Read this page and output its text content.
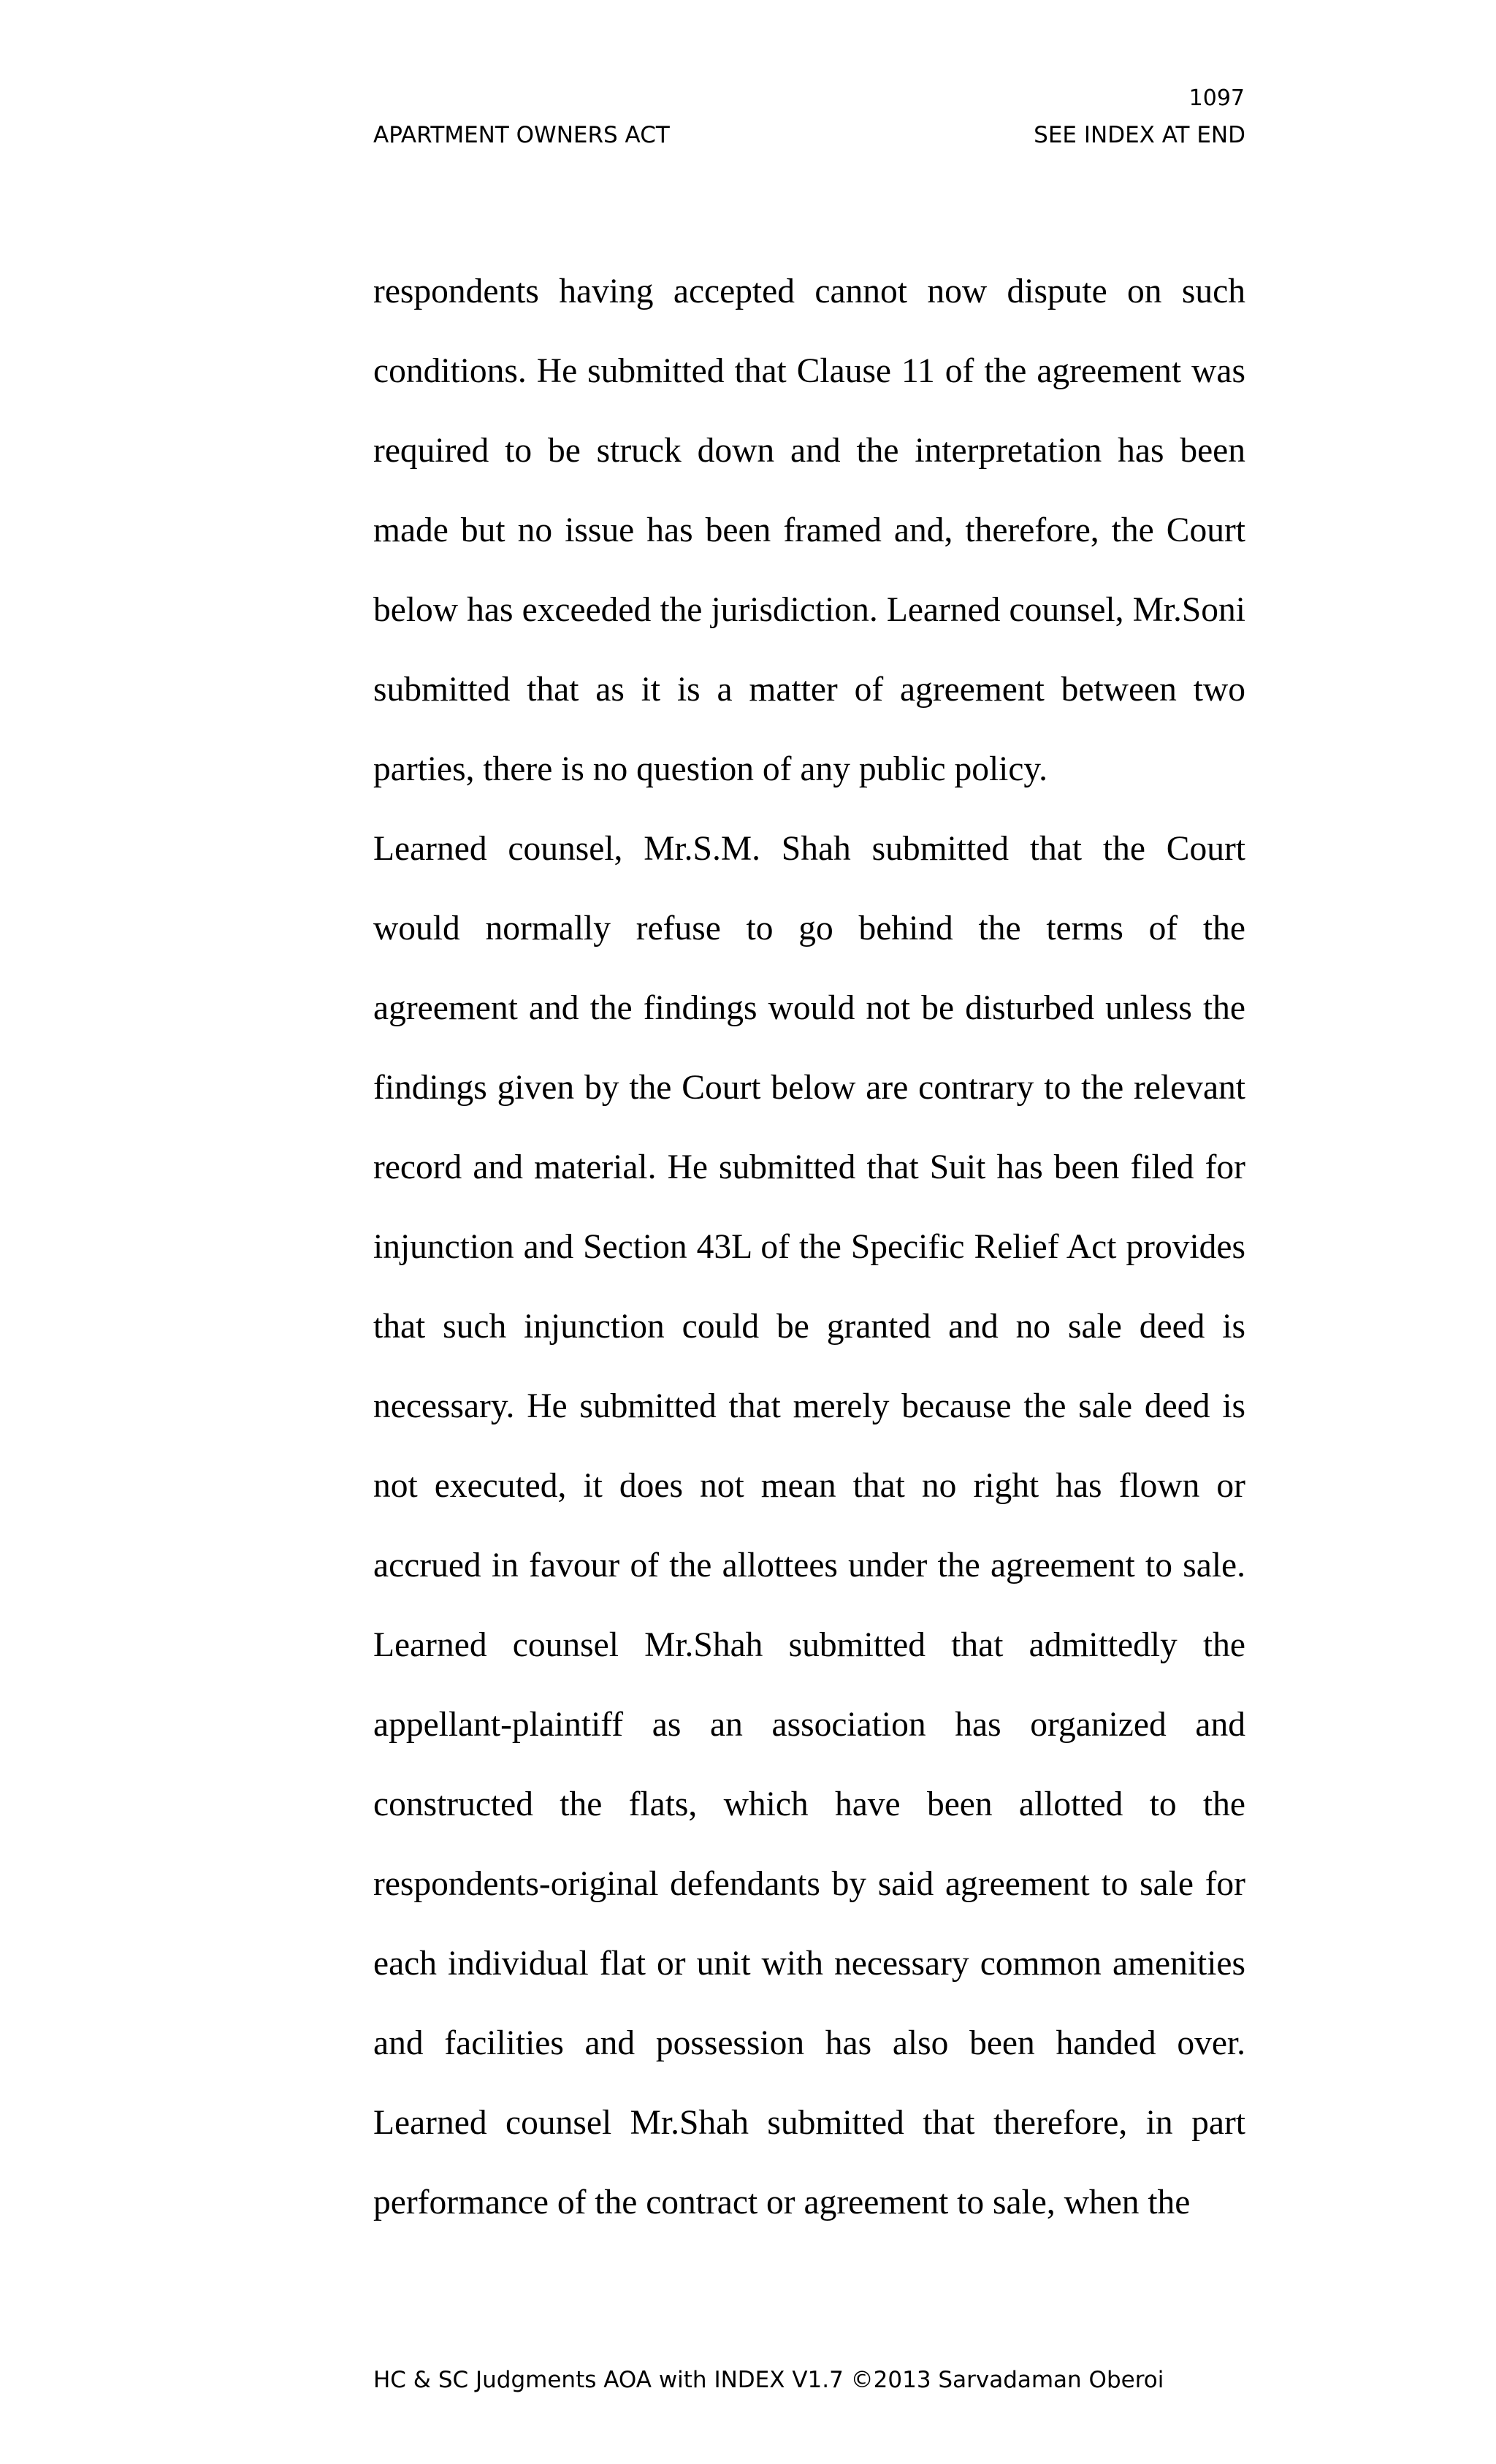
1097
APARTMENT OWNERS ACT	SEE INDEX AT END

respondents having accepted cannot now dispute on such conditions. He submitted that Clause 11 of the agreement was required to be struck down and the interpretation has been made but no issue has been framed and, therefore, the Court below has exceeded the jurisdiction. Learned counsel, Mr.Soni submitted that as it is a matter of agreement between two parties, there is no question of any public policy.

Learned counsel, Mr.S.M. Shah submitted that the Court would normally refuse to go behind the terms of the agreement and the findings would not be disturbed unless the findings given by the Court below are contrary to the relevant record and material. He submitted that Suit has been filed for injunction and Section 43L of the Specific Relief Act provides that such injunction could be granted and no sale deed is necessary. He submitted that merely because the sale deed is not executed, it does not mean that no right has flown or accrued in favour of the allottees under the agreement to sale. Learned counsel Mr.Shah submitted that admittedly the appellant-plaintiff as an association has organized and constructed the flats, which have been allotted to the respondents-original defendants by said agreement to sale for each individual flat or unit with necessary common amenities and facilities and possession has also been handed over. Learned counsel Mr.Shah submitted that therefore, in part performance of the contract or agreement to sale, when the

HC & SC Judgments AOA with INDEX V1.7 ©2013 Sarvadaman Oberoi
